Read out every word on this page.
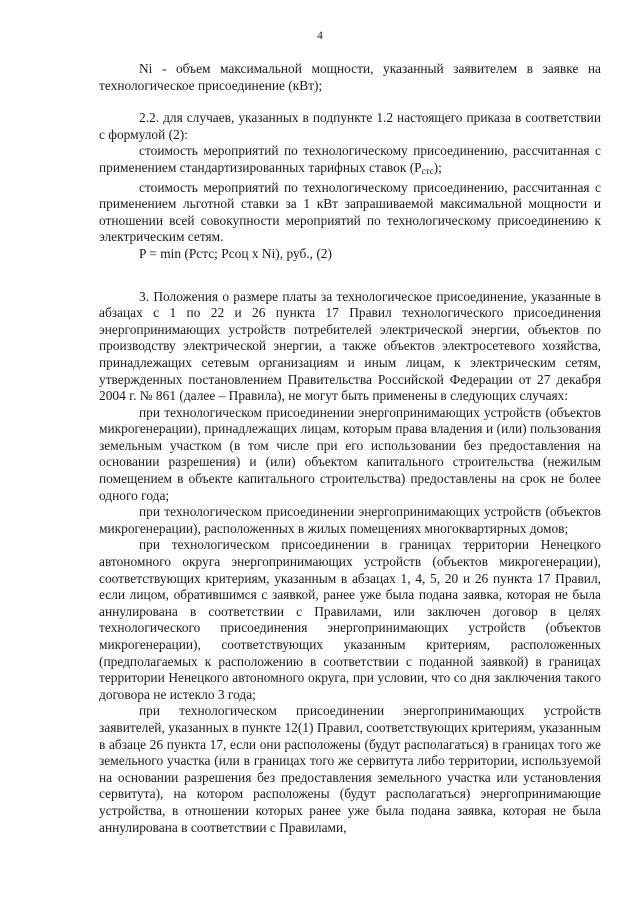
4

Ni - объем максимальной мощности, указанный заявителем в заявке на технологическое присоединение (кВт);

2.2. для случаев, указанных в подпункте 1.2 настоящего приказа в соответствии с формулой (2):

стоимость мероприятий по технологическому присоединению, рассчитанная с применением стандартизированных тарифных ставок $(P_{стс})$;

стоимость мероприятий по технологическому присоединению, рассчитанная с применением льготной ставки за 1 кВт запрашиваемой максимальной мощности и отношении всей совокупности мероприятий по технологическому присоединению к электрическим сетям.

P = min (Pстс; Pсоц x Ni), руб., (2)

3. Положения о размере платы за технологическое присоединение, указанные в абзацах с 1 по 22 и 26 пункта 17 Правил технологического присоединения энергопринимающих устройств потребителей электрической энергии, объектов по производству электрической энергии, а также объектов электросетевого хозяйства, принадлежащих сетевым организациям и иным лицам, к электрическим сетям, утвержденных постановлением Правительства Российской Федерации от 27 декабря 2004 г. № 861 (далее – Правила), не могут быть применены в следующих случаях:

при технологическом присоединении энергопринимающих устройств (объектов микрогенерации), принадлежащих лицам, которым права владения и (или) пользования земельным участком (в том числе при его использовании без предоставления на основании разрешения) и (или) объектом капитального строительства (нежилым помещением в объекте капитального строительства) предоставлены на срок не более одного года;

при технологическом присоединении энергопринимающих устройств (объектов микрогенерации), расположенных в жилых помещениях многоквартирных домов;

при технологическом присоединении в границах территории Ненецкого автономного округа энергопринимающих устройств (объектов микрогенерации), соответствующих критериям, указанным в абзацах 1, 4, 5, 20 и 26 пункта 17 Правил, если лицом, обратившимся с заявкой, ранее уже была подана заявка, которая не была аннулирована в соответствии с Правилами, или заключен договор в целях технологического присоединения энергопринимающих устройств (объектов микрогенерации), соответствующих указанным критериям, расположенных (предполагаемых к расположению в соответствии с поданной заявкой) в границах территории Ненецкого автономного округа, при условии, что со дня заключения такого договора не истекло 3 года;

при технологическом присоединении энергопринимающих устройств заявителей, указанных в пункте 12(1) Правил, соответствующих критериям, указанным в абзаце 26 пункта 17, если они расположены (будут располагаться) в границах того же земельного участка (или в границах того же сервитута либо территории, используемой на основании разрешения без предоставления земельного участка или установления сервитута), на котором расположены (будут располагаться) энергопринимающие устройства, в отношении которых ранее уже была подана заявка, которая не была аннулирована в соответствии с Правилами,
